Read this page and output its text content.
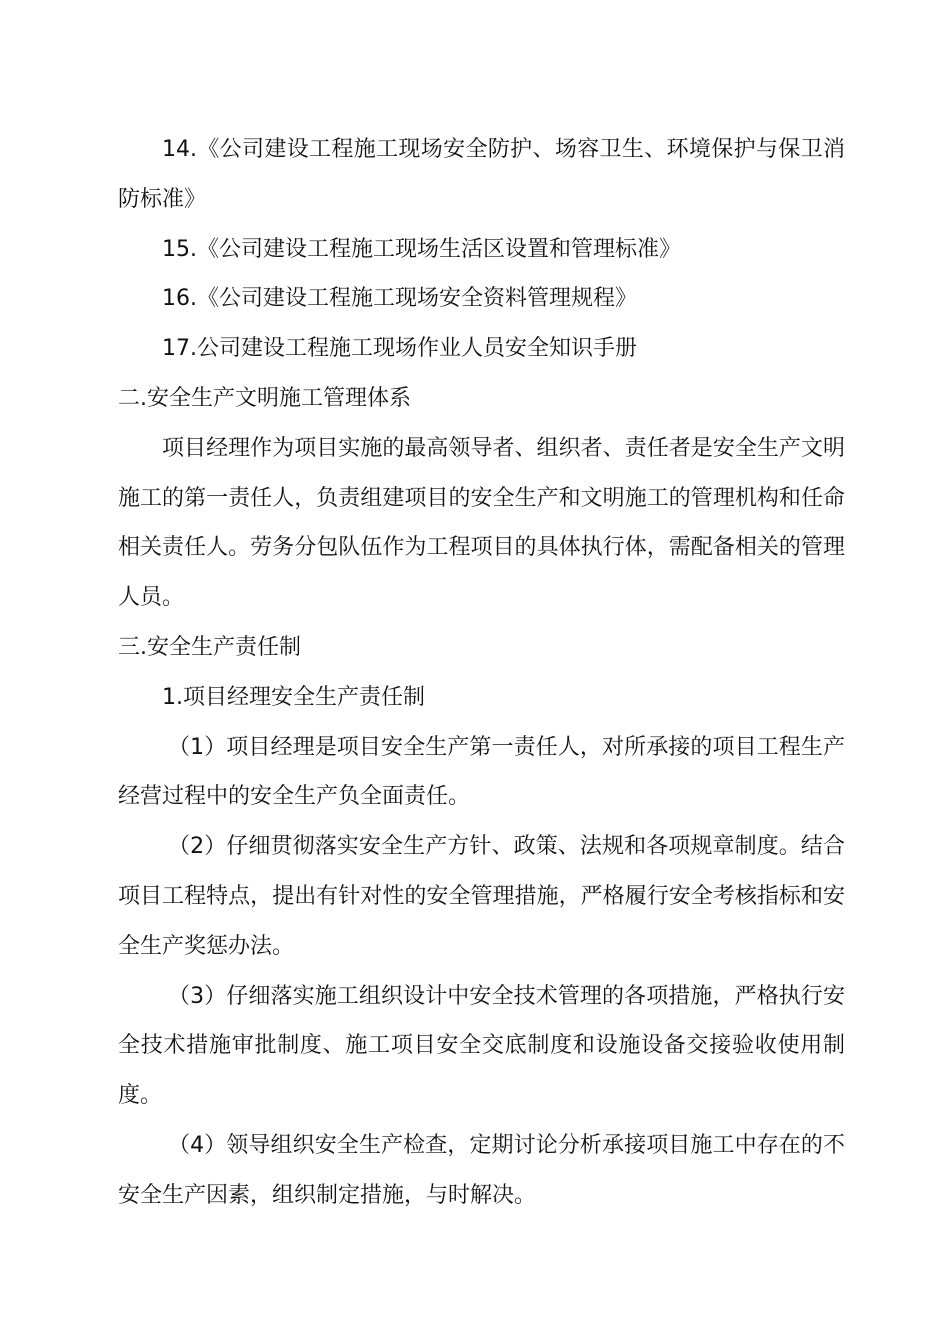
14.《公司建设工程施工现场安全防护、场容卫生、环境保护与保卫消防标准》

15.《公司建设工程施工现场生活区设置和管理标准》

16.《公司建设工程施工现场安全资料管理规程》

17.公司建设工程施工现场作业人员安全知识手册

二.安全生产文明施工管理体系

项目经理作为项目实施的最高领导者、组织者、责任者是安全生产文明施工的第一责任人，负责组建项目的安全生产和文明施工的管理机构和任命相关责任人。劳务分包队伍作为工程项目的具体执行体，需配备相关的管理人员。

三.安全生产责任制

1.项目经理安全生产责任制

（1）项目经理是项目安全生产第一责任人，对所承接的项目工程生产经营过程中的安全生产负全面责任。

（2）仔细贯彻落实安全生产方针、政策、法规和各项规章制度。结合项目工程特点，提出有针对性的安全管理措施，严格履行安全考核指标和安全生产奖惩办法。

（3）仔细落实施工组织设计中安全技术管理的各项措施，严格执行安全技术措施审批制度、施工项目安全交底制度和设施设备交接验收使用制度。

（4）领导组织安全生产检查，定期讨论分析承接项目施工中存在的不安全生产因素，组织制定措施，与时解决。
